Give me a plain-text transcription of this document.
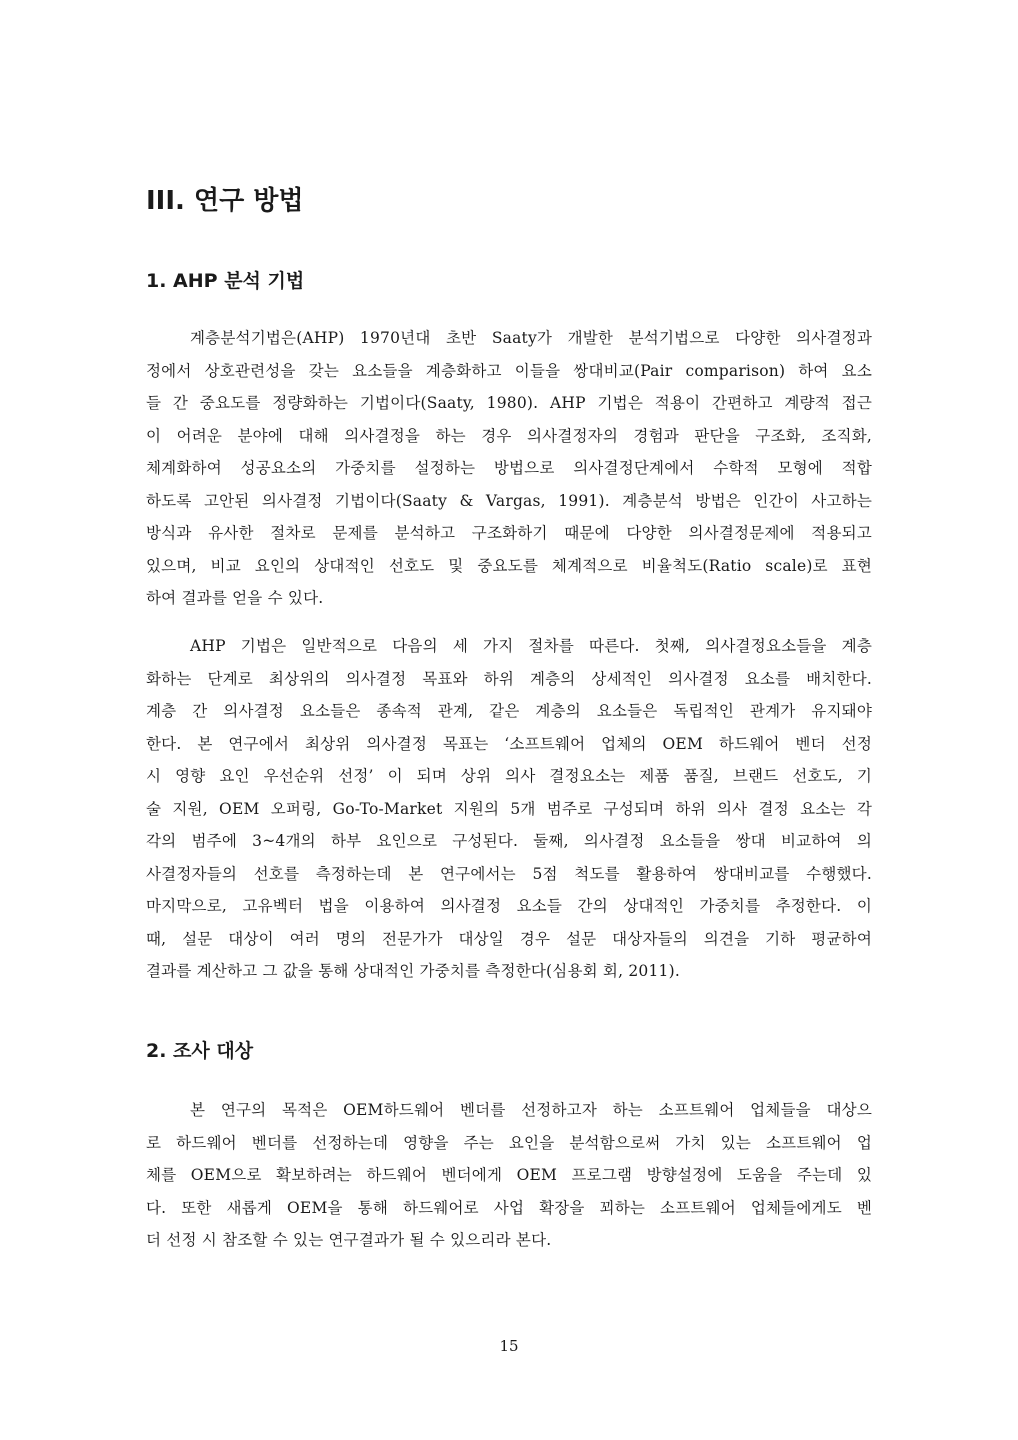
III. 연구 방법
1. AHP 분석 기법
계층분석기법은(AHP) 1970년대 초반 Saaty가 개발한 분석기법으로 다양한 의사결정과
정에서 상호관련성을 갖는 요소들을 계층화하고 이들을 쌍대비교(Pair comparison) 하여 요소
들 간 중요도를 정량화하는 기법이다(Saaty, 1980). AHP 기법은 적용이 간편하고 계량적 접근
이 어려운 분야에 대해 의사결정을 하는 경우 의사결정자의 경험과 판단을 구조화, 조직화,
체계화하여 성공요소의 가중치를 설정하는 방법으로 의사결정단계에서 수학적 모형에 적합
하도록 고안된 의사결정 기법이다(Saaty & Vargas, 1991). 계층분석 방법은 인간이 사고하는
방식과 유사한 절차로 문제를 분석하고 구조화하기 때문에 다양한 의사결정문제에 적용되고
있으며, 비교 요인의 상대적인 선호도 및 중요도를 체계적으로 비율척도(Ratio scale)로 표현
하여 결과를 얻을 수 있다.
AHP 기법은 일반적으로 다음의 세 가지 절차를 따른다. 첫째, 의사결정요소들을 계층
화하는 단계로 최상위의 의사결정 목표와 하위 계층의 상세적인 의사결정 요소를 배치한다.
계층 간 의사결정 요소들은 종속적 관계, 같은 계층의 요소들은 독립적인 관계가 유지돼야
한다. 본 연구에서 최상위 의사결정 목표는 ‘소프트웨어 업체의 OEM 하드웨어 벤더 선정
시 영향 요인 우선순위 선정’ 이 되며 상위 의사 결정요소는 제품 품질, 브랜드 선호도, 기
술 지원, OEM 오퍼링, Go-To-Market 지원의 5개 범주로 구성되며 하위 의사 결정 요소는 각
각의 범주에 3~4개의 하부 요인으로 구성된다. 둘째, 의사결정 요소들을 쌍대 비교하여 의
사결정자들의 선호를 측정하는데 본 연구에서는 5점 척도를 활용하여 쌍대비교를 수행했다.
마지막으로, 고유벡터 법을 이용하여 의사결정 요소들 간의 상대적인 가중치를 추정한다. 이
때, 설문 대상이 여러 명의 전문가가 대상일 경우 설문 대상자들의 의견을 기하 평균하여
결과를 계산하고 그 값을 통해 상대적인 가중치를 측정한다(심용회 회, 2011).
2. 조사 대상
본 연구의 목적은 OEM하드웨어 벤더를 선정하고자 하는 소프트웨어 업체들을 대상으
로 하드웨어 벤더를 선정하는데 영향을 주는 요인을 분석함으로써 가치 있는 소프트웨어 업
체를 OEM으로 확보하려는 하드웨어 벤더에게 OEM 프로그램 방향설정에 도움을 주는데 있
다. 또한 새롭게 OEM을 통해 하드웨어로 사업 확장을 꾀하는 소프트웨어 업체들에게도 벤
더 선정 시 참조할 수 있는 연구결과가 될 수 있으리라 본다.

15
